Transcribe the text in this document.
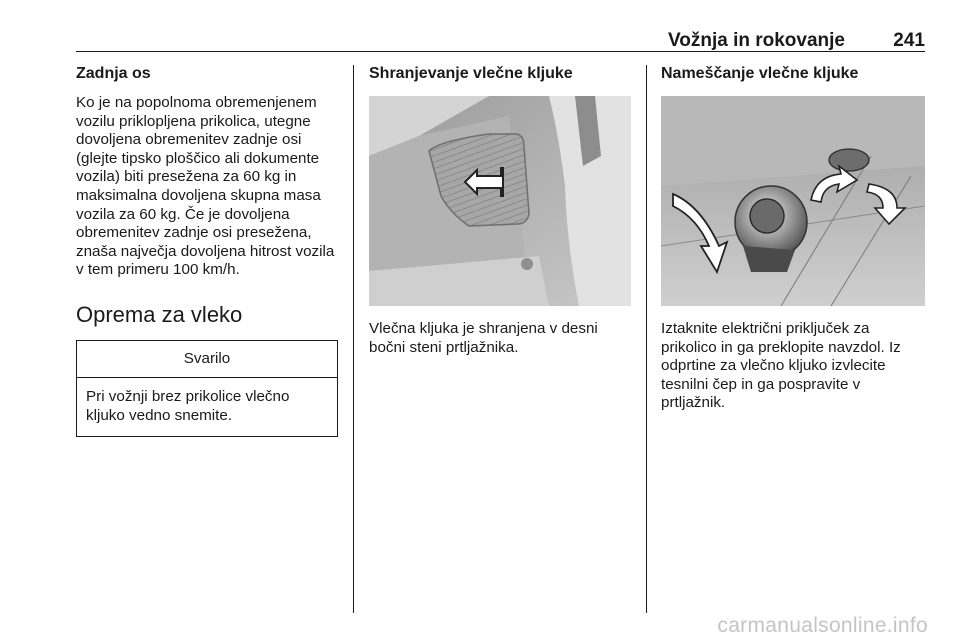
Vožnja in rokovanje	241
Zadnja os

Ko je na popolnoma obremenjenem vozilu priklopljena prikolica, utegne dovoljena obremenitev zadnje osi (glejte tipsko ploščico ali dokumente vozila) biti presežena za 60 kg in maksimalna dovoljena skupna masa vozila za 60 kg. Če je dovoljena obremenitev zadnje osi presežena, znaša največja dovoljena hitrost vozila v tem primeru 100 km/h.

Oprema za vleko
Svarilo
Pri vožnji brez prikolice vlečno kljuko vedno snemite.
Shranjevanje vlečne kljuke

Vlečna kljuka je shranjena v desni bočni steni prtljažnika.

Nameščanje vlečne kljuke

Iztaknite električni priključek za prikolico in ga preklopite navzdol. Iz odprtine za vlečno kljuko izvlecite tesnilni čep in ga pospravite v prtljažnik.

carmanualsonline.info
